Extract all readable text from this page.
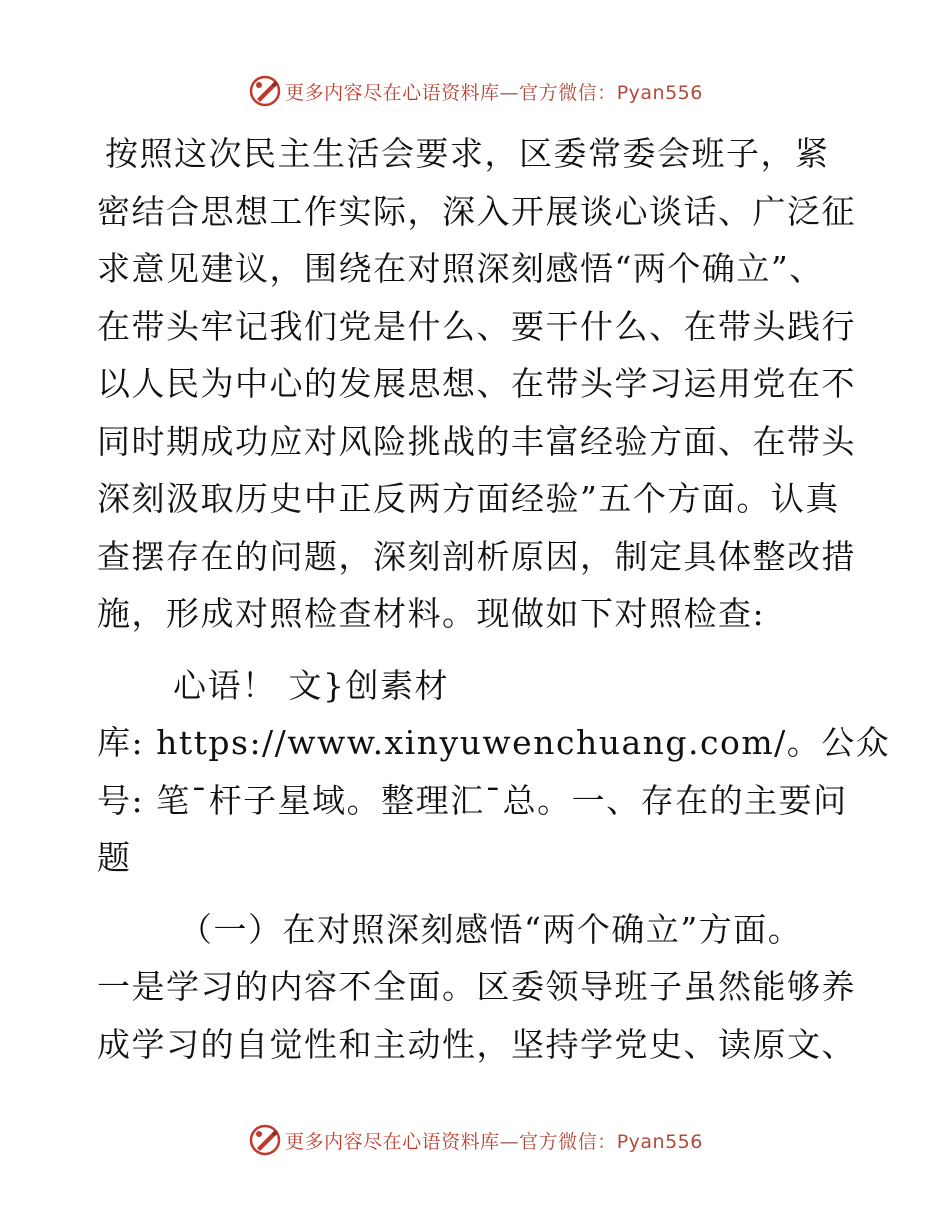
更多内容尽在心语资料库—官方微信：Pyan556
按照这次民主生活会要求，区委常委会班子，紧
密结合思想工作实际，深入开展谈心谈话、广泛征
求意见建议，围绕在对照深刻感悟“两个确立”、
在带头牢记我们党是什么、要干什么、在带头践行
以人民为中心的发展思想、在带头学习运用党在不
同时期成功应对风险挑战的丰富经验方面、在带头
深刻汲取历史中正反两方面经验”五个方面。认真
查摆存在的问题，深刻剖析原因，制定具体整改措
施，形成对照检查材料。现做如下对照检查:
心语！ 文}创素材
库: https://www.xinyuwenchuang.com/。公众
号: 笔¯杆子星域。整理汇¯总。一、存在的主要问
题
（一）在对照深刻感悟“两个确立”方面。
一是学习的内容不全面。区委领导班子虽然能够养
成学习的自觉性和主动性，坚持学党史、读原文、
更多内容尽在心语资料库—官方微信：Pyan556
